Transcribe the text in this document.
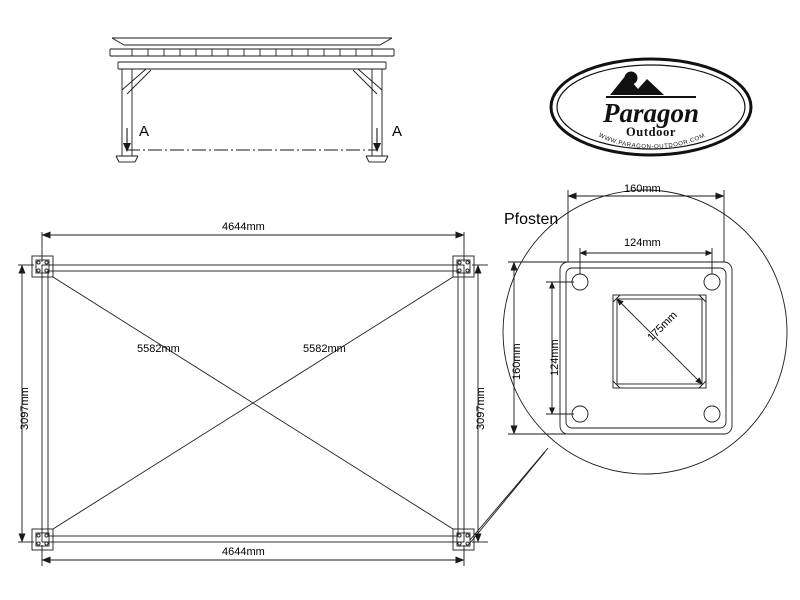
A	A
4644mm
4644mm
3097mm	3097mm
5582mm	5582mm
Pfosten
160mm
124mm
160mm 124mm
175mm
Paragon
Outdoor
WWW.PARAGON-OUTDOOR.COM
